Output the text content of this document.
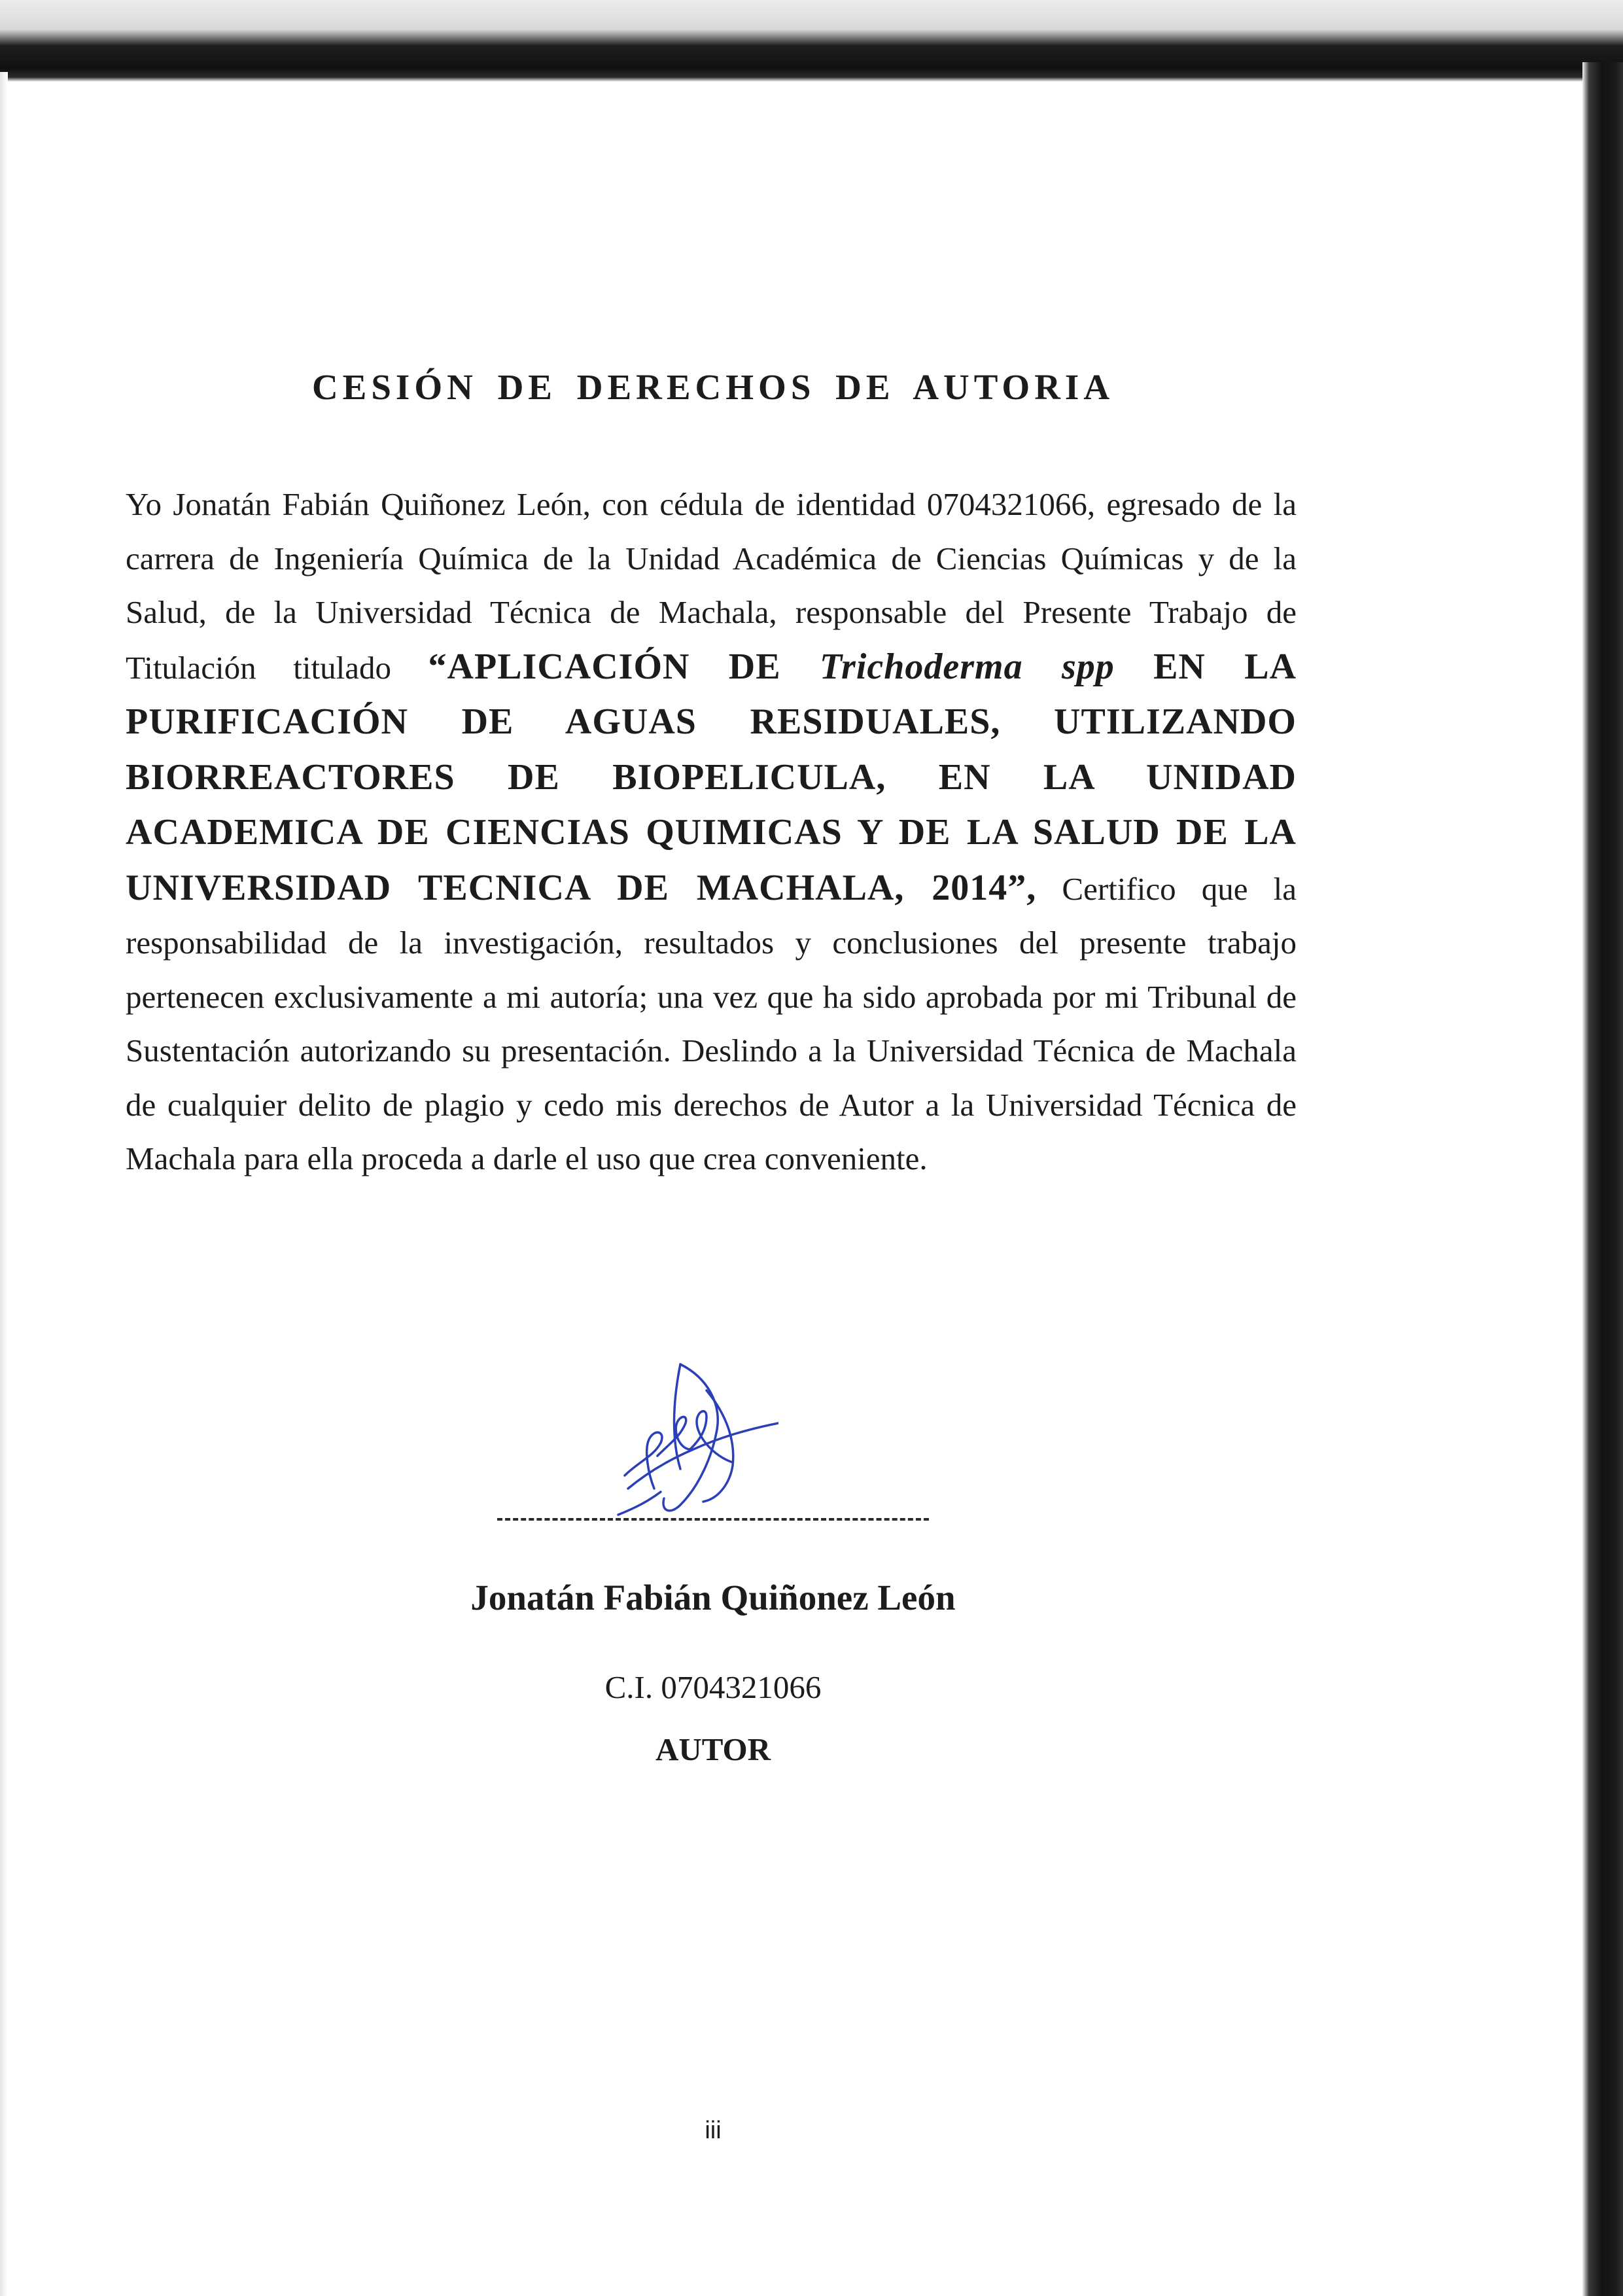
CESIÓN DE DERECHOS DE AUTORIA

Yo Jonatán Fabián Quiñonez León, con cédula de identidad 0704321066, egresado de la carrera de Ingeniería Química de la Unidad Académica de Ciencias Químicas y de la Salud, de la Universidad Técnica de Machala, responsable del Presente Trabajo de Titulación titulado “APLICACIÓN DE Trichoderma spp EN LA PURIFICACIÓN DE AGUAS RESIDUALES, UTILIZANDO BIORREACTORES DE BIOPELICULA, EN LA UNIDAD ACADEMICA DE CIENCIAS QUIMICAS Y DE LA SALUD DE LA UNIVERSIDAD TECNICA DE MACHALA, 2014”, Certifico que la responsabilidad de la investigación, resultados y conclusiones del presente trabajo pertenecen exclusivamente a mi autoría; una vez que ha sido aprobada por mi Tribunal de Sustentación autorizando su presentación. Deslindo a la Universidad Técnica de Machala de cualquier delito de plagio y cedo mis derechos de Autor a la Universidad Técnica de Machala para ella proceda a darle el uso que crea conveniente.

Jonatán Fabián Quiñonez León
C.I. 0704321066
AUTOR
iii
